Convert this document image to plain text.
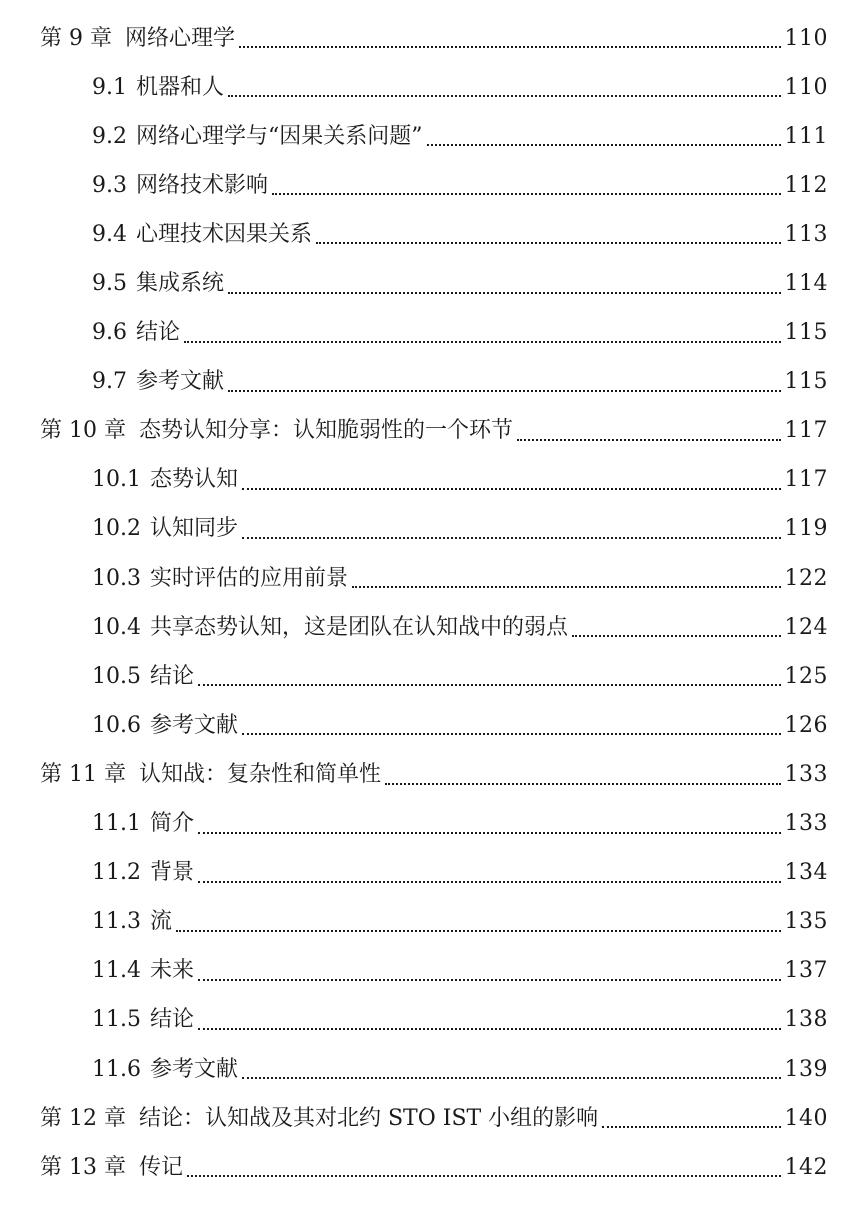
第 9 章  网络心理学	110
9.1 机器和人	110
9.2 网络心理学与“因果关系问题”	111
9.3 网络技术影响	112
9.4 心理技术因果关系	113
9.5 集成系统	114
9.6 结论	115
9.7 参考文献	115
第 10 章  态势认知分享：认知脆弱性的一个环节	117
10.1 态势认知	117
10.2 认知同步	119
10.3 实时评估的应用前景	122
10.4 共享态势认知，这是团队在认知战中的弱点	124
10.5 结论	125
10.6 参考文献	126
第 11 章  认知战：复杂性和简单性	133
11.1 简介	133
11.2 背景	134
11.3 流	135
11.4 未来	137
11.5 结论	138
11.6 参考文献	139
第 12 章  结论：认知战及其对北约 STO IST 小组的影响	140
第 13 章  传记	142
